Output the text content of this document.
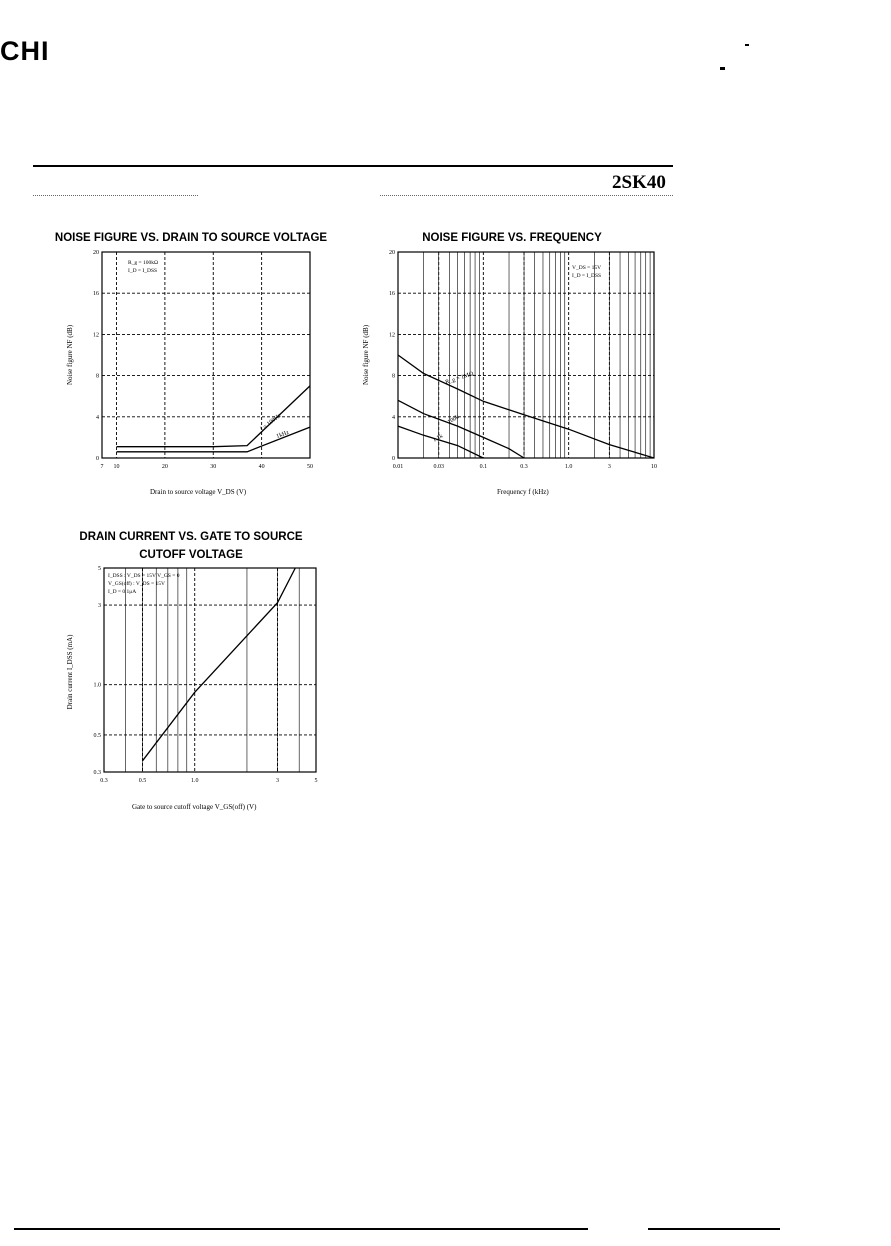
CHI
2SK40
NOISE FIGURE VS. DRAIN TO SOURCE VOLTAGE
7 10	20	30	40	50
0
4
8
12
16
20
R_g = 100kΩ
I_D = I_DSS
f = 100Hz
1kHz
Drain to source voltage V_DS (V)
Noise figure NF (dB)
NOISE FIGURE VS. FREQUENCY
0.01	0.03	0.1	0.3	1.0	3	10
0
4
8
12
16
20
V_DS = 15V
I_D = I_DSS
R_g = 1MΩ
100k
1.1k
Frequency f (kHz)
Noise figure NF (dB)
DRAIN CURRENT VS. GATE TO SOURCE CUTOFF VOLTAGE
0.3	0.5	1.0	3	5
0.3
0.5
1.0
3
5
I_DSS : V_DS = 15V V_GS = 0
V_GS(off) : V_DS = 15V
I_D = 0.1μA
Gate to source cutoff voltage V_GS(off) (V)
Drain current I_DSS (mA)
